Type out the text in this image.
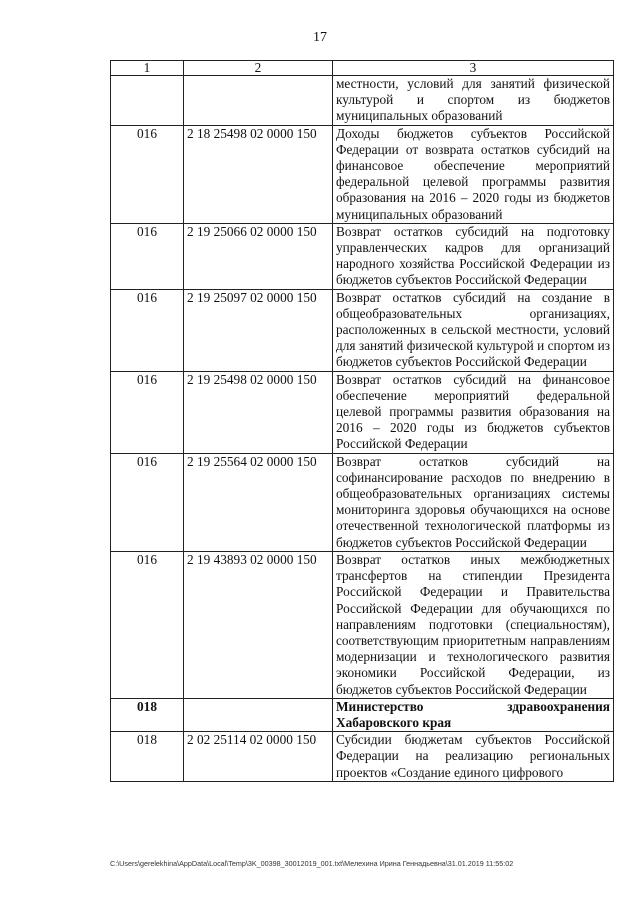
17
1	2	3
		местности, условий для занятий физической культурой и спортом из бюджетов муниципальных образований
016	2 18 25498 02 0000 150	Доходы бюджетов субъектов Российской Федерации от возврата остатков субсидий на финансовое обеспечение мероприятий федеральной целевой программы развития образования на 2016 – 2020 годы из бюджетов муниципальных образований
016	2 19 25066 02 0000 150	Возврат остатков субсидий на подготовку управленческих кадров для организаций народного хозяйства Российской Федерации из бюджетов субъектов Российской Федерации
016	2 19 25097 02 0000 150	Возврат остатков субсидий на создание в общеобразовательных организациях, расположенных в сельской местности, условий для занятий физической культурой и спортом из бюджетов субъектов Российской Федерации
016	2 19 25498 02 0000 150	Возврат остатков субсидий на финансовое обеспечение мероприятий федеральной целевой программы развития образования на 2016 – 2020 годы из бюджетов субъектов Российской Федерации
016	2 19 25564 02 0000 150	Возврат остатков субсидий на софинансирование расходов по внедрению в общеобразовательных организациях системы мониторинга здоровья обучающихся на основе отечественной технологической платформы из бюджетов субъектов Российской Федерации
016	2 19 43893 02 0000 150	Возврат остатков иных межбюджетных трансфертов на стипендии Президента Российской Федерации и Правительства Российской Федерации для обучающихся по направлениям подготовки (специальностям), соответствующим приоритетным направлениям модернизации и технологического развития экономики Российской Федерации, из бюджетов субъектов Российской Федерации
018		Министерство здравоохранения
Хабаровского края

018	2 02 25114 02 0000 150	Субсидии бюджетам субъектов Российской Федерации на реализацию региональных проектов «Создание единого цифрового
C:\Users\gerelekhina\AppData\Local\Temp\3K_00398_30012019_001.txt\Мелехина Ирина Геннадьевна\31.01.2019 11:55:02
